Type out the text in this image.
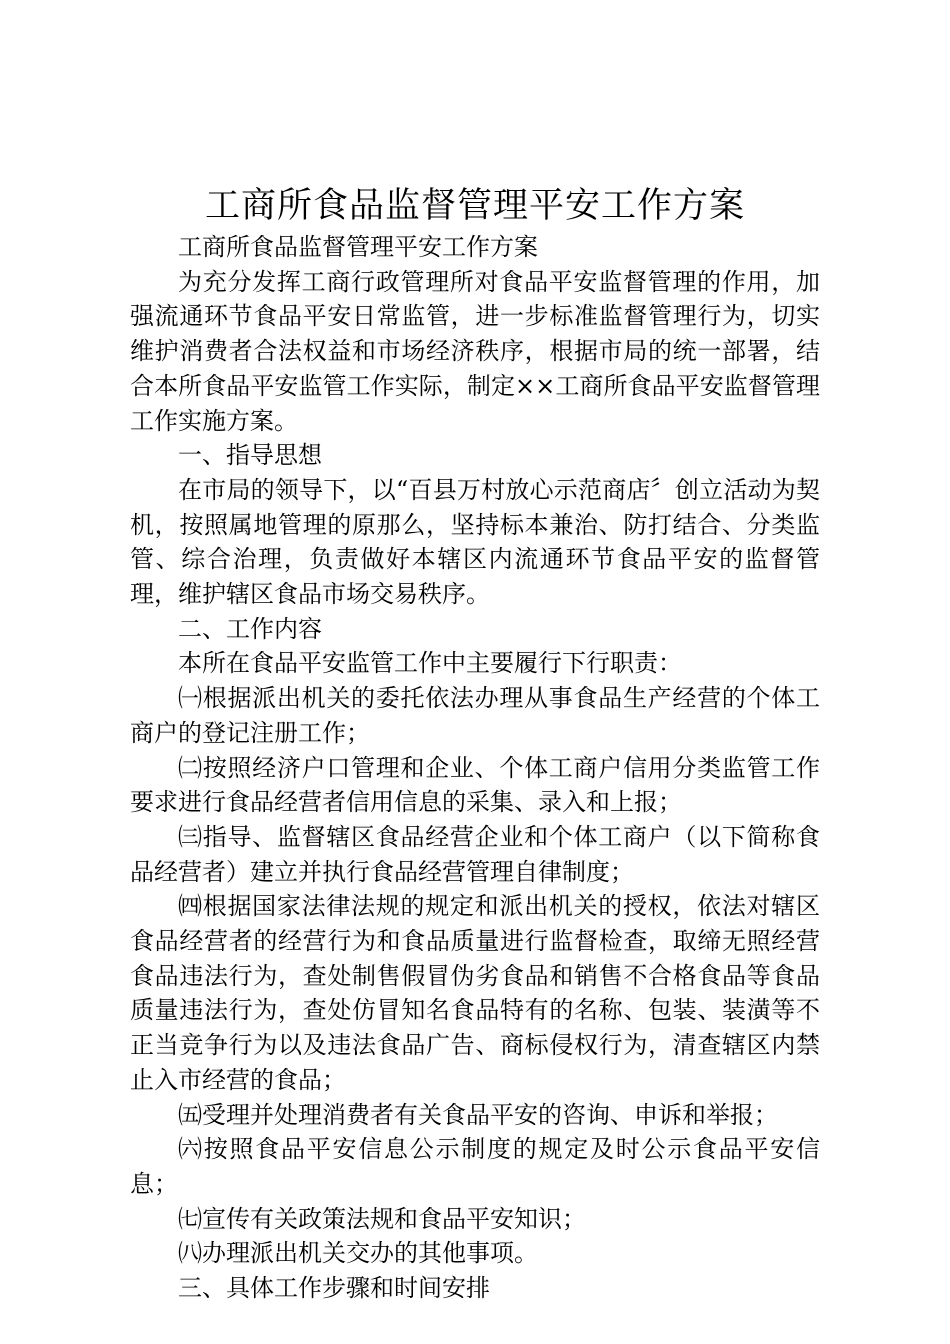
工商所食品监督管理平安工作方案

工商所食品监督管理平安工作方案

为充分发挥工商行政管理所对食品平安监督管理的作用，加强流通环节食品平安日常监管，进一步标准监督管理行为，切实维护消费者合法权益和市场经济秩序，根据市局的统一部署，结合本所食品平安监管工作实际，制定××工商所食品平安监督管理工作实施方案。

一、指导思想

在市局的领导下，以“百县万村放心示范商店〞创立活动为契机，按照属地管理的原那么，坚持标本兼治、防打结合、分类监管、综合治理，负责做好本辖区内流通环节食品平安的监督管理，维护辖区食品市场交易秩序。

二、工作内容

本所在食品平安监管工作中主要履行下行职责：

㈠根据派出机关的委托依法办理从事食品生产经营的个体工商户的登记注册工作；

㈡按照经济户口管理和企业、个体工商户信用分类监管工作要求进行食品经营者信用信息的采集、录入和上报；

㈢指导、监督辖区食品经营企业和个体工商户（以下简称食品经营者）建立并执行食品经营管理自律制度；

㈣根据国家法律法规的规定和派出机关的授权，依法对辖区食品经营者的经营行为和食品质量进行监督检查，取缔无照经营食品违法行为，查处制售假冒伪劣食品和销售不合格食品等食品质量违法行为，查处仿冒知名食品特有的名称、包装、装潢等不正当竞争行为以及违法食品广告、商标侵权行为，清查辖区内禁止入市经营的食品；

㈤受理并处理消费者有关食品平安的咨询、申诉和举报；

㈥按照食品平安信息公示制度的规定及时公示食品平安信息；

㈦宣传有关政策法规和食品平安知识；

㈧办理派出机关交办的其他事项。

三、具体工作步骤和时间安排
